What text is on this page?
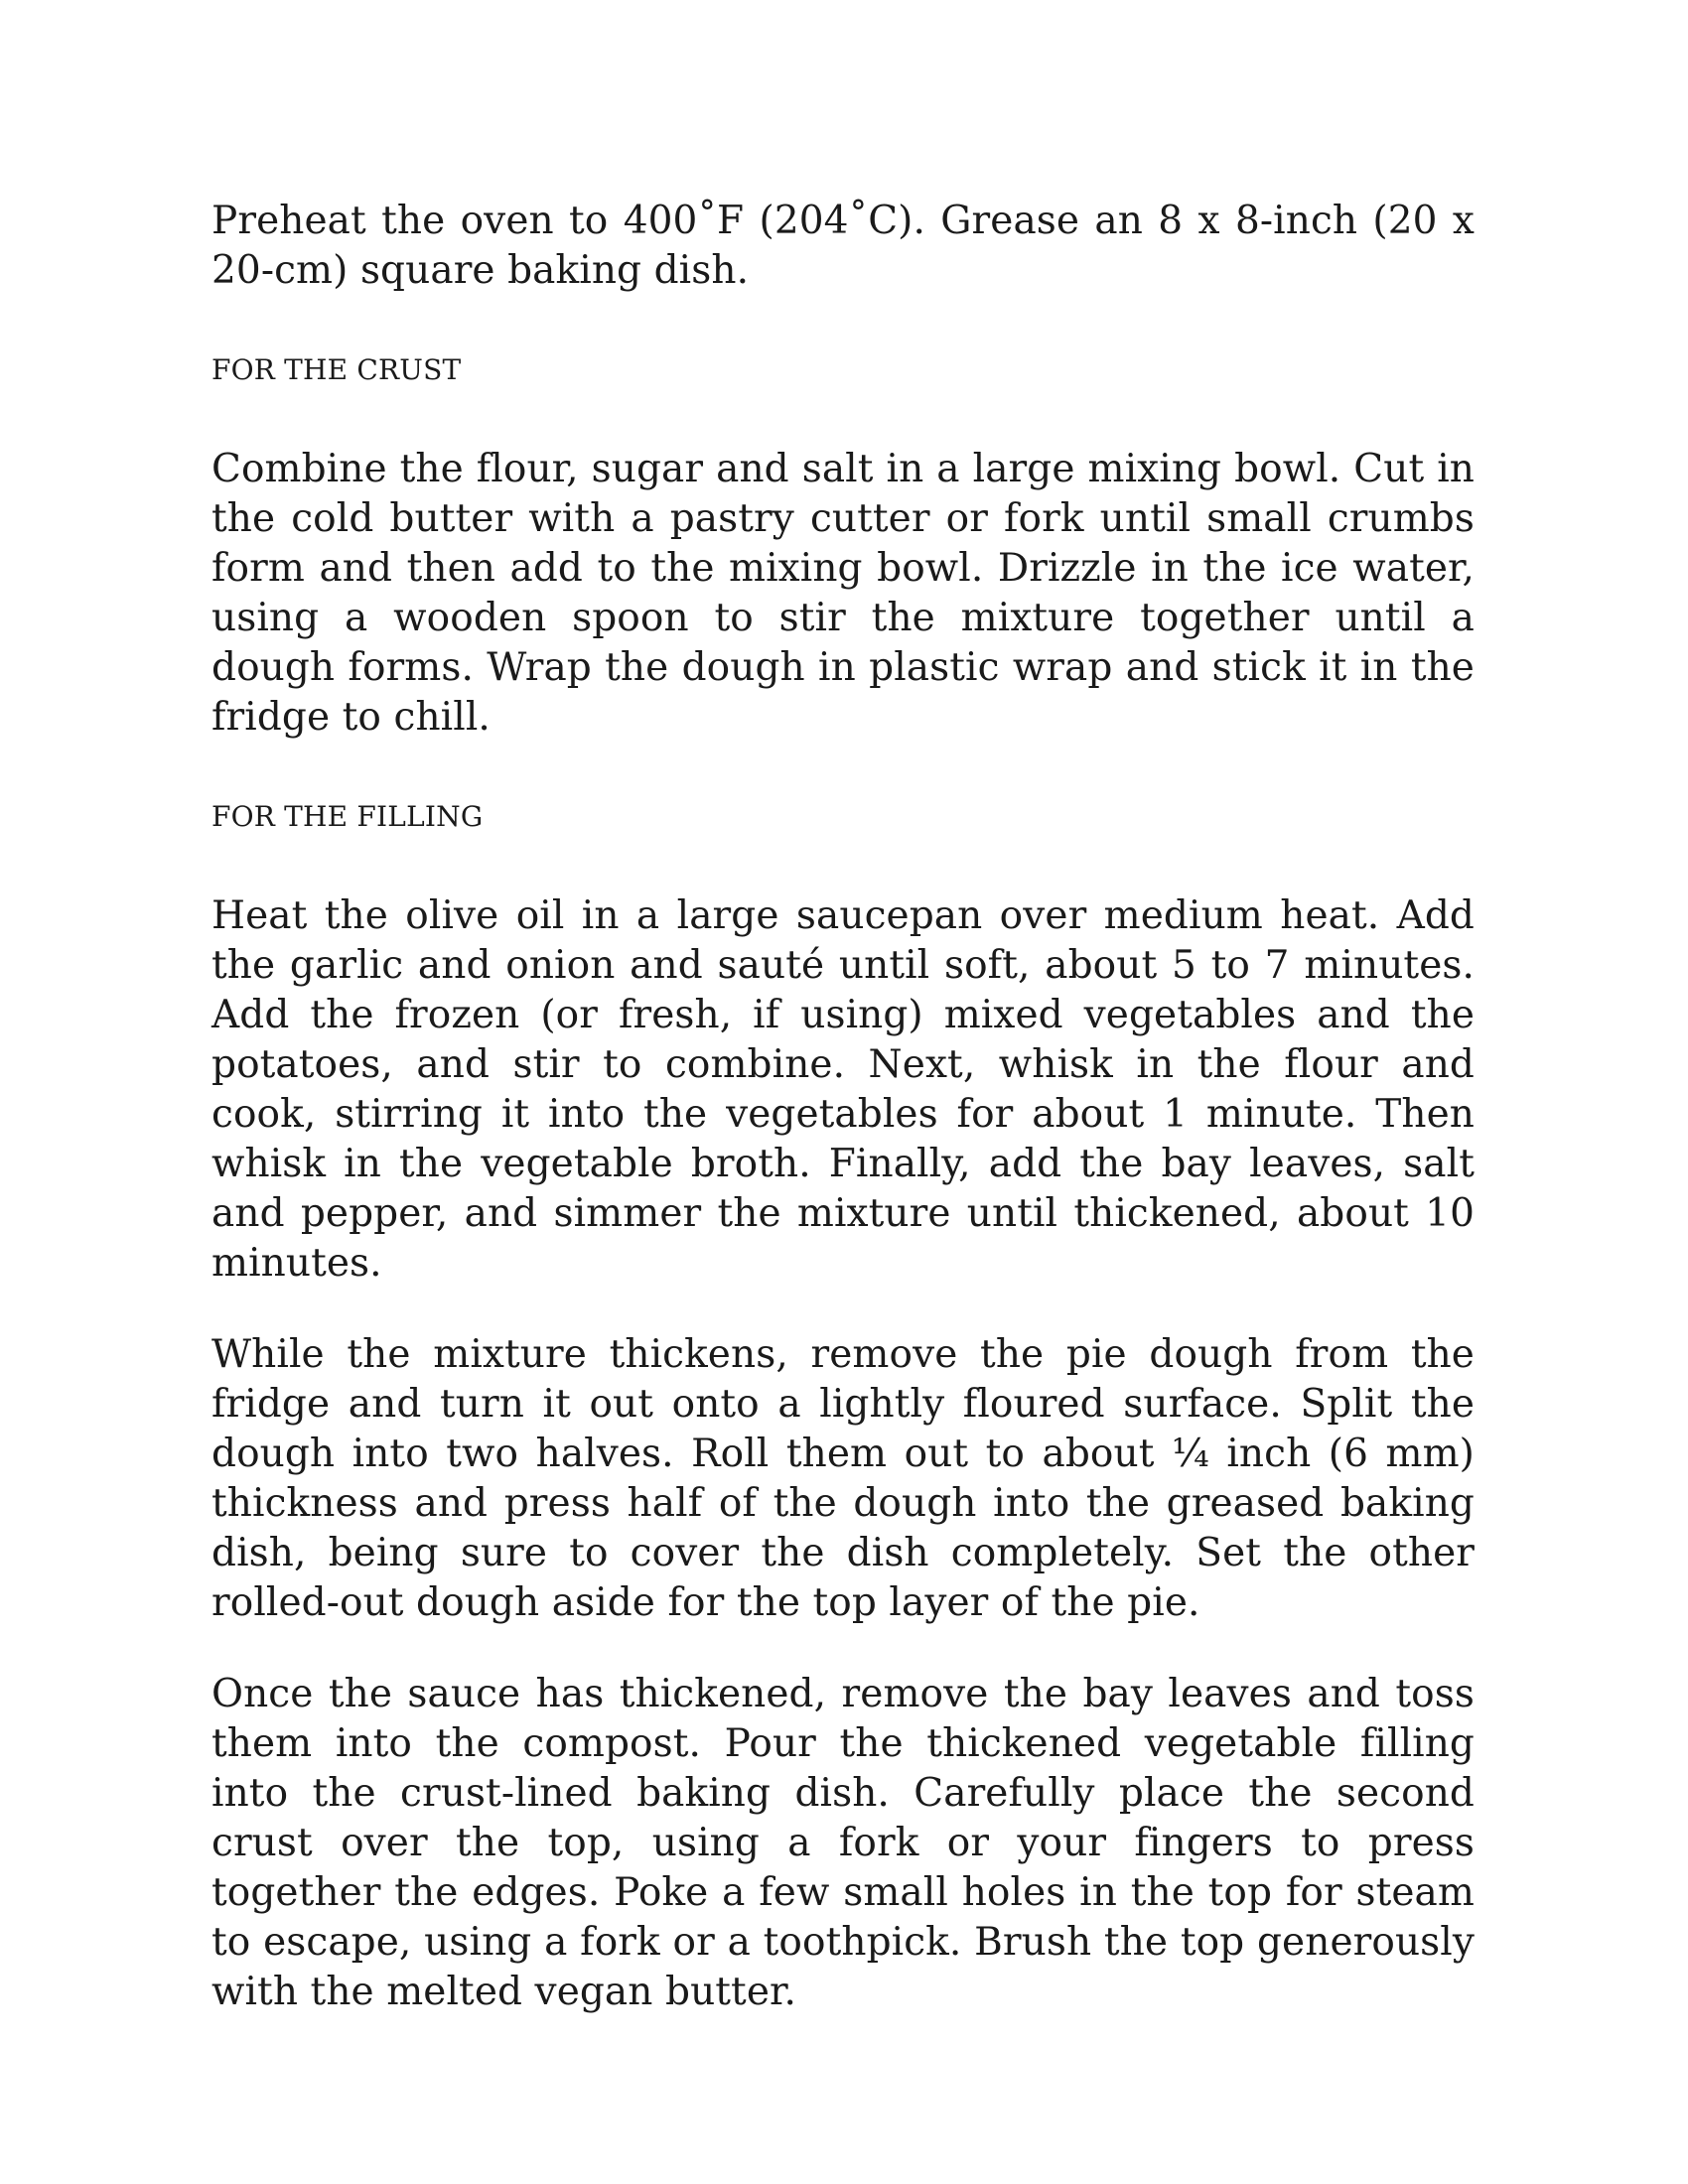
Preheat the oven to 400˚F (204˚C). Grease an 8 x 8-inch (20 x 20-cm) square baking dish.

FOR THE CRUST

Combine the flour, sugar and salt in a large mixing bowl. Cut in the cold butter with a pastry cutter or fork until small crumbs form and then add to the mixing bowl. Drizzle in the ice water, using a wooden spoon to stir the mixture together until a dough forms. Wrap the dough in plastic wrap and stick it in the fridge to chill.

FOR THE FILLING

Heat the olive oil in a large saucepan over medium heat. Add the garlic and onion and sauté until soft, about 5 to 7 minutes. Add the frozen (or fresh, if using) mixed vegetables and the potatoes, and stir to combine. Next, whisk in the flour and cook, stirring it into the vegetables for about 1 minute. Then whisk in the vegetable broth. Finally, add the bay leaves, salt and pepper, and simmer the mixture until thickened, about 10 minutes.

While the mixture thickens, remove the pie dough from the fridge and turn it out onto a lightly floured surface. Split the dough into two halves. Roll them out to about ¼ inch (6 mm) thickness and press half of the dough into the greased baking dish, being sure to cover the dish completely. Set the other rolled-out dough aside for the top layer of the pie.

Once the sauce has thickened, remove the bay leaves and toss them into the compost. Pour the thickened vegetable filling into the crust-lined baking dish. Carefully place the second crust over the top, using a fork or your fingers to press together the edges. Poke a few small holes in the top for steam to escape, using a fork or a toothpick. Brush the top generously with the melted vegan butter.
